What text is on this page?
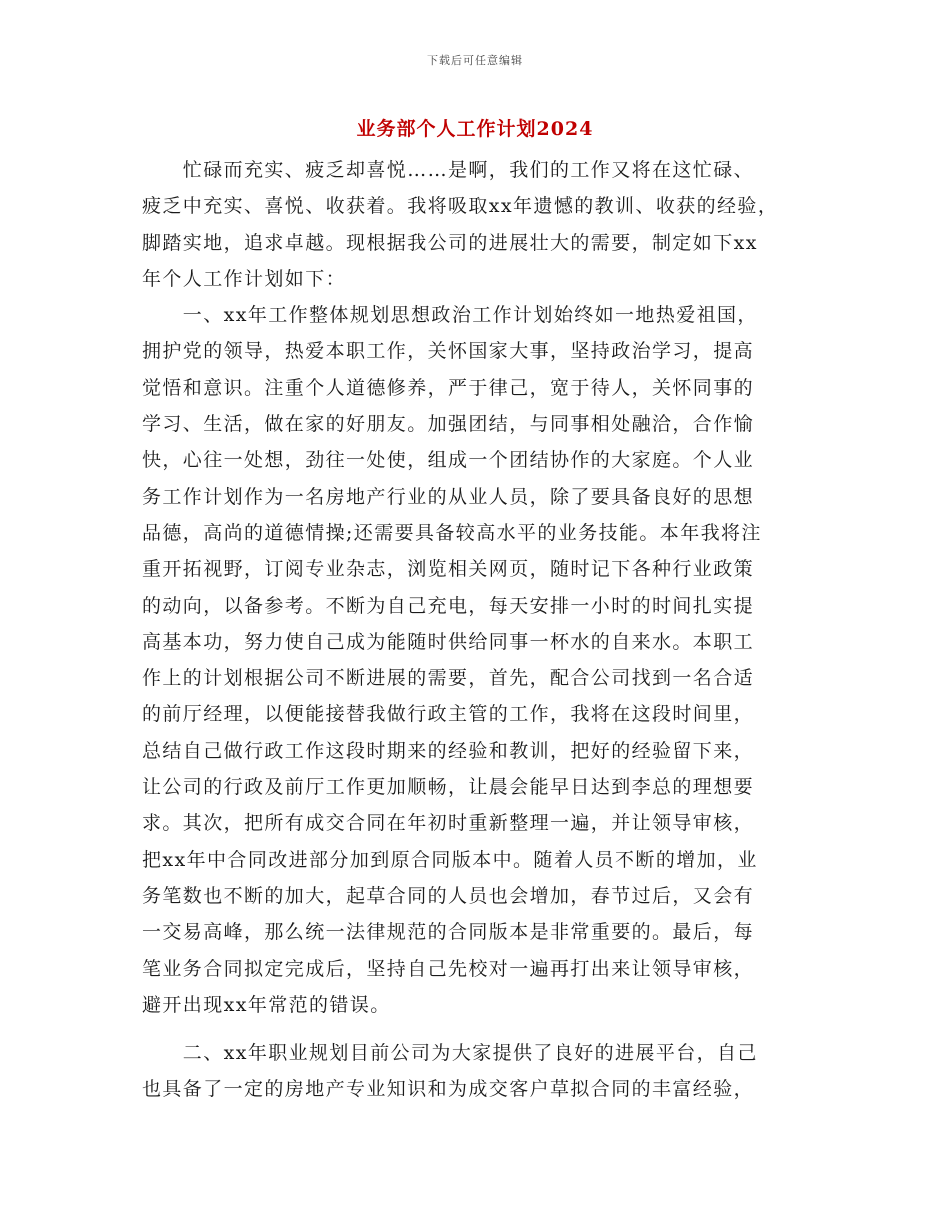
下载后可任意编辑
业务部个人工作计划2024
　　忙碌而充实、疲乏却喜悦……是啊，我们的工作又将在这忙碌、
疲乏中充实、喜悦、收获着。我将吸取xx年遗憾的教训、收获的经验，
脚踏实地，追求卓越。现根据我公司的进展壮大的需要，制定如下xx
年个人工作计划如下：
　　一、xx年工作整体规划思想政治工作计划始终如一地热爱祖国，
拥护党的领导，热爱本职工作，关怀国家大事，坚持政治学习，提高
觉悟和意识。注重个人道德修养，严于律己，宽于待人，关怀同事的
学习、生活，做在家的好朋友。加强团结，与同事相处融洽，合作愉
快，心往一处想，劲往一处使，组成一个团结协作的大家庭。个人业
务工作计划作为一名房地产行业的从业人员，除了要具备良好的思想
品德，高尚的道德情操;还需要具备较高水平的业务技能。本年我将注
重开拓视野，订阅专业杂志，浏览相关网页，随时记下各种行业政策
的动向，以备参考。不断为自己充电，每天安排一小时的时间扎实提
高基本功，努力使自己成为能随时供给同事一杯水的自来水。本职工
作上的计划根据公司不断进展的需要，首先，配合公司找到一名合适
的前厅经理，以便能接替我做行政主管的工作，我将在这段时间里，
总结自己做行政工作这段时期来的经验和教训，把好的经验留下来，
让公司的行政及前厅工作更加顺畅，让晨会能早日达到李总的理想要
求。其次，把所有成交合同在年初时重新整理一遍，并让领导审核，
把xx年中合同改进部分加到原合同版本中。随着人员不断的增加，业
务笔数也不断的加大，起草合同的人员也会增加，春节过后，又会有
一交易高峰，那么统一法律规范的合同版本是非常重要的。最后，每
笔业务合同拟定完成后，坚持自己先校对一遍再打出来让领导审核，
避开出现xx年常范的错误。
　　二、xx年职业规划目前公司为大家提供了良好的进展平台，自己
也具备了一定的房地产专业知识和为成交客户草拟合同的丰富经验，
